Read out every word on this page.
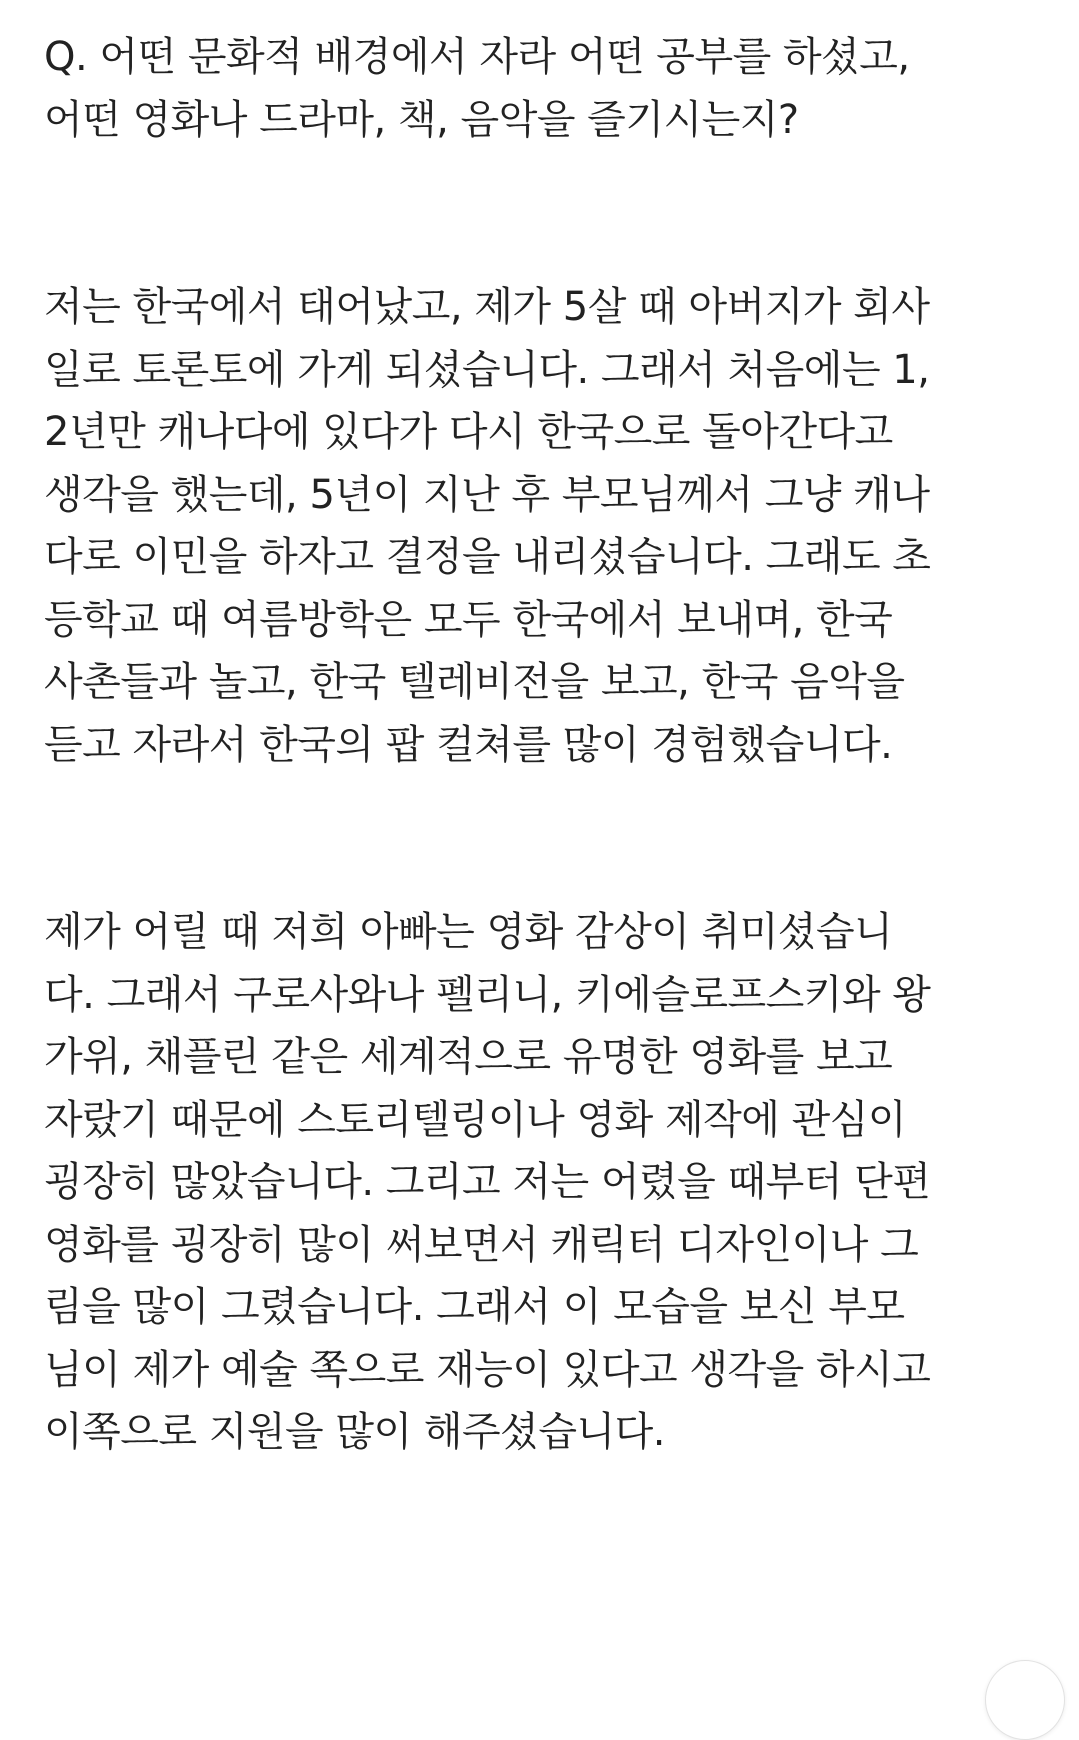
Q. 어떤 문화적 배경에서 자라 어떤 공부를 하셨고,
어떤 영화나 드라마, 책, 음악을 즐기시는지?

저는 한국에서 태어났고, 제가 5살 때 아버지가 회사
일로 토론토에 가게 되셨습니다. 그래서 처음에는 1,
2년만 캐나다에 있다가 다시 한국으로 돌아간다고
생각을 했는데, 5년이 지난 후 부모님께서 그냥 캐나
다로 이민을 하자고 결정을 내리셨습니다. 그래도 초
등학교 때 여름방학은 모두 한국에서 보내며, 한국
사촌들과 놀고, 한국 텔레비전을 보고, 한국 음악을
듣고 자라서 한국의 팝 컬쳐를 많이 경험했습니다.

제가 어릴 때 저희 아빠는 영화 감상이 취미셨습니
다. 그래서 구로사와나 펠리니, 키에슬로프스키와 왕
가위, 채플린 같은 세계적으로 유명한 영화를 보고
자랐기 때문에 스토리텔링이나 영화 제작에 관심이
굉장히 많았습니다. 그리고 저는 어렸을 때부터 단편
영화를 굉장히 많이 써보면서 캐릭터 디자인이나 그
림을 많이 그렸습니다. 그래서 이 모습을 보신 부모
님이 제가 예술 쪽으로 재능이 있다고 생각을 하시고
이쪽으로 지원을 많이 해주셨습니다.
